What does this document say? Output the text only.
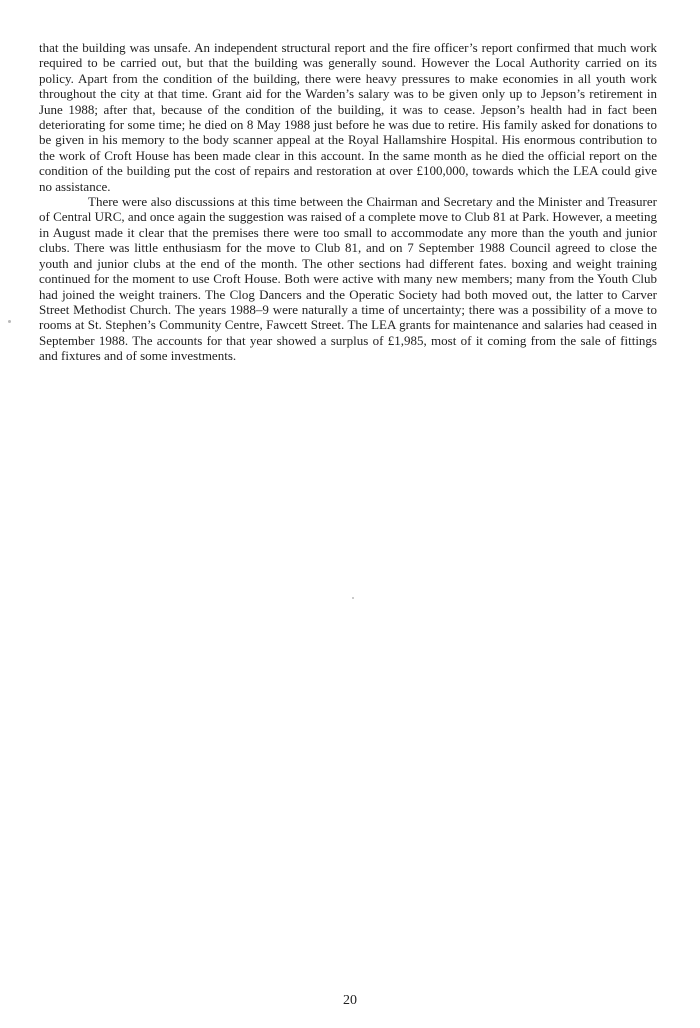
that the building was unsafe. An independent structural report and the fire officer’s report confirmed that much work required to be carried out, but that the building was generally sound. However the Local Authority carried on its policy. Apart from the condition of the building, there were heavy pressures to make economies in all youth work throughout the city at that time. Grant aid for the Warden’s salary was to be given only up to Jepson’s retirement in June 1988; after that, because of the condition of the building, it was to cease. Jepson’s health had in fact been deteriorating for some time; he died on 8 May 1988 just before he was due to retire. His family asked for donations to be given in his memory to the body scanner appeal at the Royal Hallamshire Hospital. His enormous contribution to the work of Croft House has been made clear in this account. In the same month as he died the official report on the condition of the building put the cost of repairs and restoration at over £100,000, towards which the LEA could give no assistance.

There were also discussions at this time between the Chairman and Secretary and the Minister and Treasurer of Central URC, and once again the suggestion was raised of a complete move to Club 81 at Park. However, a meeting in August made it clear that the premises there were too small to accommodate any more than the youth and junior clubs. There was little enthusiasm for the move to Club 81, and on 7 September 1988 Council agreed to close the youth and junior clubs at the end of the month. The other sections had different fates. boxing and weight training continued for the moment to use Croft House. Both were active with many new members; many from the Youth Club had joined the weight trainers. The Clog Dancers and the Operatic Society had both moved out, the latter to Carver Street Methodist Church. The years 1988–9 were naturally a time of uncertainty; there was a possibility of a move to rooms at St. Stephen’s Community Centre, Fawcett Street. The LEA grants for maintenance and salaries had ceased in September 1988. The accounts for that year showed a surplus of £1,985, most of it coming from the sale of fittings and fixtures and of some investments.

20
